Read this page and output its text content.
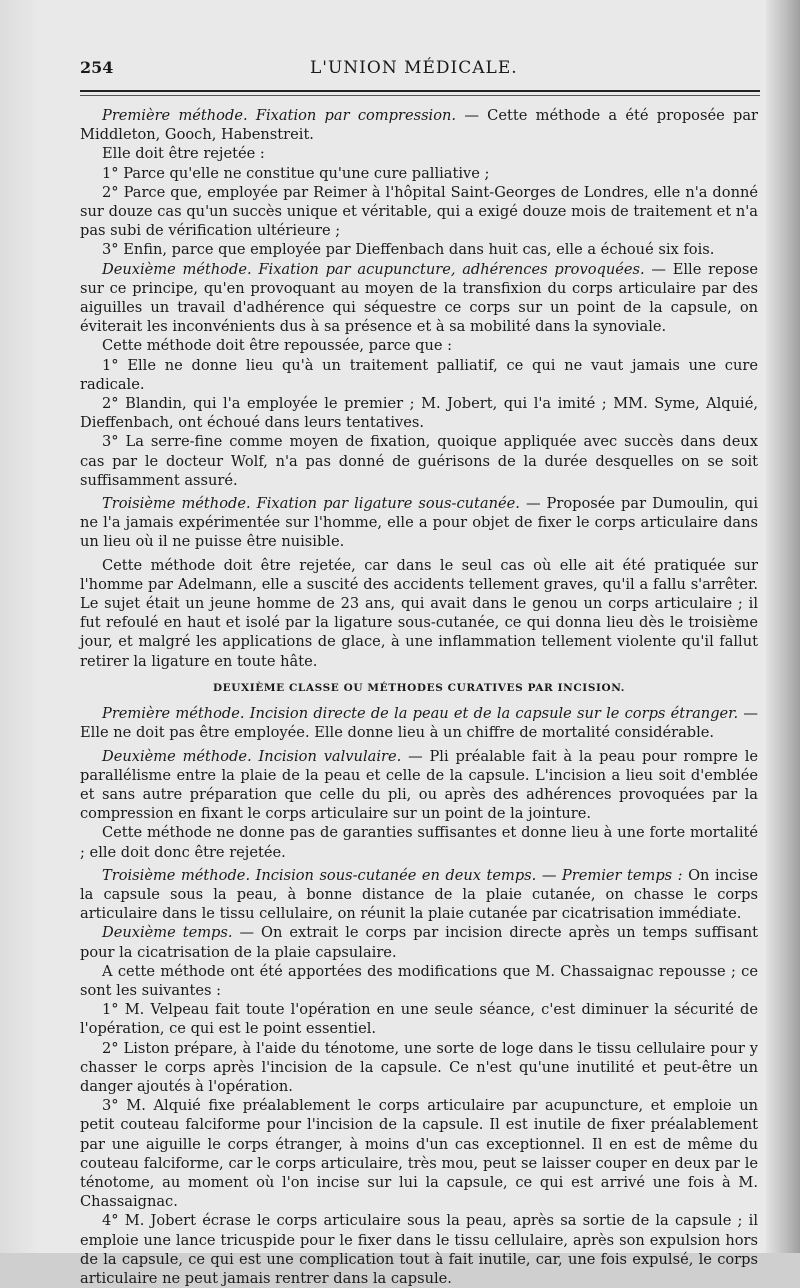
254	L'UNION MÉDICALE.

Première méthode. Fixation par compression. — Cette méthode a été proposée par Middleton, Gooch, Habenstreit.

Elle doit être rejetée :

1° Parce qu'elle ne constitue qu'une cure palliative ;

2° Parce que, employée par Reimer à l'hôpital Saint-Georges de Londres, elle n'a donné sur douze cas qu'un succès unique et véritable, qui a exigé douze mois de traitement et n'a pas subi de vérification ultérieure ;

3° Enfin, parce que employée par Dieffenbach dans huit cas, elle a échoué six fois.

Deuxième méthode. Fixation par acupuncture, adhérences provoquées. — Elle repose sur ce principe, qu'en provoquant au moyen de la transfixion du corps articulaire par des aiguilles un travail d'adhérence qui séquestre ce corps sur un point de la capsule, on éviterait les inconvénients dus à sa présence et à sa mobilité dans la synoviale.

Cette méthode doit être repoussée, parce que :

1° Elle ne donne lieu qu'à un traitement palliatif, ce qui ne vaut jamais une cure radicale.

2° Blandin, qui l'a employée le premier ; M. Jobert, qui l'a imité ; MM. Syme, Alquié, Dieffenbach, ont échoué dans leurs tentatives.

3° La serre-fine comme moyen de fixation, quoique appliquée avec succès dans deux cas par le docteur Wolf, n'a pas donné de guérisons de la durée desquelles on se soit suffisamment assuré.

Troisième méthode. Fixation par ligature sous-cutanée. — Proposée par Dumoulin, qui ne l'a jamais expérimentée sur l'homme, elle a pour objet de fixer le corps articulaire dans un lieu où il ne puisse être nuisible.

Cette méthode doit être rejetée, car dans le seul cas où elle ait été pratiquée sur l'homme par Adelmann, elle a suscité des accidents tellement graves, qu'il a fallu s'arrêter. Le sujet était un jeune homme de 23 ans, qui avait dans le genou un corps articulaire ; il fut refoulé en haut et isolé par la ligature sous-cutanée, ce qui donna lieu dès le troisième jour, et malgré les applications de glace, à une inflammation tellement violente qu'il fallut retirer la ligature en toute hâte.

DEUXIÈME CLASSE OU MÉTHODES CURATIVES PAR INCISION.

Première méthode. Incision directe de la peau et de la capsule sur le corps étranger. — Elle ne doit pas être employée. Elle donne lieu à un chiffre de mortalité considérable.

Deuxième méthode. Incision valvulaire. — Pli préalable fait à la peau pour rompre le parallélisme entre la plaie de la peau et celle de la capsule. L'incision a lieu soit d'emblée et sans autre préparation que celle du pli, ou après des adhérences provoquées par la compression en fixant le corps articulaire sur un point de la jointure.

Cette méthode ne donne pas de garanties suffisantes et donne lieu à une forte mortalité ; elle doit donc être rejetée.

Troisième méthode. Incision sous-cutanée en deux temps. — Premier temps : On incise la capsule sous la peau, à bonne distance de la plaie cutanée, on chasse le corps articulaire dans le tissu cellulaire, on réunit la plaie cutanée par cicatrisation immédiate.

Deuxième temps. — On extrait le corps par incision directe après un temps suffisant pour la cicatrisation de la plaie capsulaire.

A cette méthode ont été apportées des modifications que M. Chassaignac repousse ; ce sont les suivantes :

1° M. Velpeau fait toute l'opération en une seule séance, c'est diminuer la sécurité de l'opération, ce qui est le point essentiel.

2° Liston prépare, à l'aide du ténotome, une sorte de loge dans le tissu cellulaire pour y chasser le corps après l'incision de la capsule. Ce n'est qu'une inutilité et peut-être un danger ajoutés à l'opération.

3° M. Alquié fixe préalablement le corps articulaire par acupuncture, et emploie un petit couteau falciforme pour l'incision de la capsule. Il est inutile de fixer préalablement par une aiguille le corps étranger, à moins d'un cas exceptionnel. Il en est de même du couteau falciforme, car le corps articulaire, très mou, peut se laisser couper en deux par le ténotome, au moment où l'on incise sur lui la capsule, ce qui est arrivé une fois à M. Chassaignac.

4° M. Jobert écrase le corps articulaire sous la peau, après sa sortie de la capsule ; il emploie une lance tricuspide pour le fixer dans le tissu cellulaire, après son expulsion hors de la capsule, ce qui est une complication tout à fait inutile, car, une fois expulsé, le corps articulaire ne peut jamais rentrer dans la capsule.
